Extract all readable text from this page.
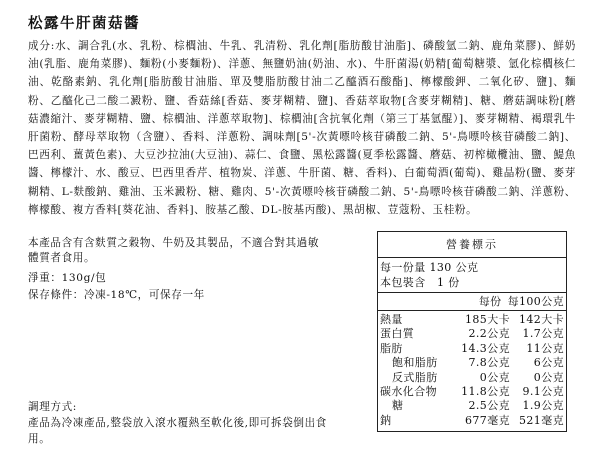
松露牛肝菌菇醬
成分:水、調合乳(水、乳粉、棕櫚油、牛乳、乳清粉、乳化劑[脂肪酸甘油脂]、磷酸氫二鈉、鹿角菜膠)、鮮奶油(乳脂、鹿角菜膠)、麵粉(小麥麵粉)、洋蔥、無鹽奶油(奶油、水)、牛肝菌湯(奶精[葡萄糖漿、氫化棕櫚核仁油、乾酪素鈉、乳化劑[脂肪酸甘油脂、單及雙脂肪酸甘油二乙醯酒石酸酯]、檸檬酸鉀、二氧化矽、鹽]、麵粉、乙醯化己二酸二澱粉、鹽、香菇絲[香菇、麥芽糊精、鹽]、香菇萃取物[含麥芽糊精]、糖、蘑菇調味粉[蘑菇濃縮汁、麥芽糊精、鹽、棕櫚油、洋蔥萃取物]、棕櫚油[含抗氧化劑（第三丁基氫醌）]、麥芽糊精、褐環乳牛肝菌粉、酵母萃取物（含鹽）、香料、洋蔥粉、調味劑[5'-次黃嘌呤核苷磷酸二鈉、5'-鳥嘌呤核苷磷酸二鈉]、巴西利、薑黃色素)、大豆沙拉油(大豆油)、蒜仁、食鹽、黑松露醬(夏季松露醬、蘑菇、初榨橄欖油、鹽、鯷魚醬、檸檬汁、水、酸豆、巴西里香芹、植物炭、洋蔥、牛肝菌、糖、香料)、白葡萄酒(葡萄)、雞晶粉(鹽、麥芽糊精、L-麩酸鈉、雞油、玉米澱粉、糖、雞肉、5'-次黃嘌呤核苷磷酸二鈉、5'-鳥嘌呤核苷磷酸二鈉、洋蔥粉、檸檬酸、複方香料[葵花油、香料]、胺基乙酸、DL-胺基丙酸)、黑胡椒、荳蔻粉、玉桂粉。
本產品含有含麩質之穀物、牛奶及其製品，不適合對其過敏體質者食用。
淨重：130g/包
保存條件：冷凍-18℃，可保存一年
調理方式:
產品為冷凍產品,整袋放入滾水覆熱至軟化後,即可拆袋倒出食用。
營養標示
每一份量 130 公克
本包裝含　1 份
每份 每100公克
熱量	185大卡 142大卡
蛋白質	2.2公克	1.7公克
脂肪	14.3公克	11公克
飽和脂肪	7.8公克	6公克
反式脂肪	0公克	0公克
碳水化合物	11.8公克	9.1公克
糖	2.5公克	1.9公克
鈉	677毫克 521毫克
